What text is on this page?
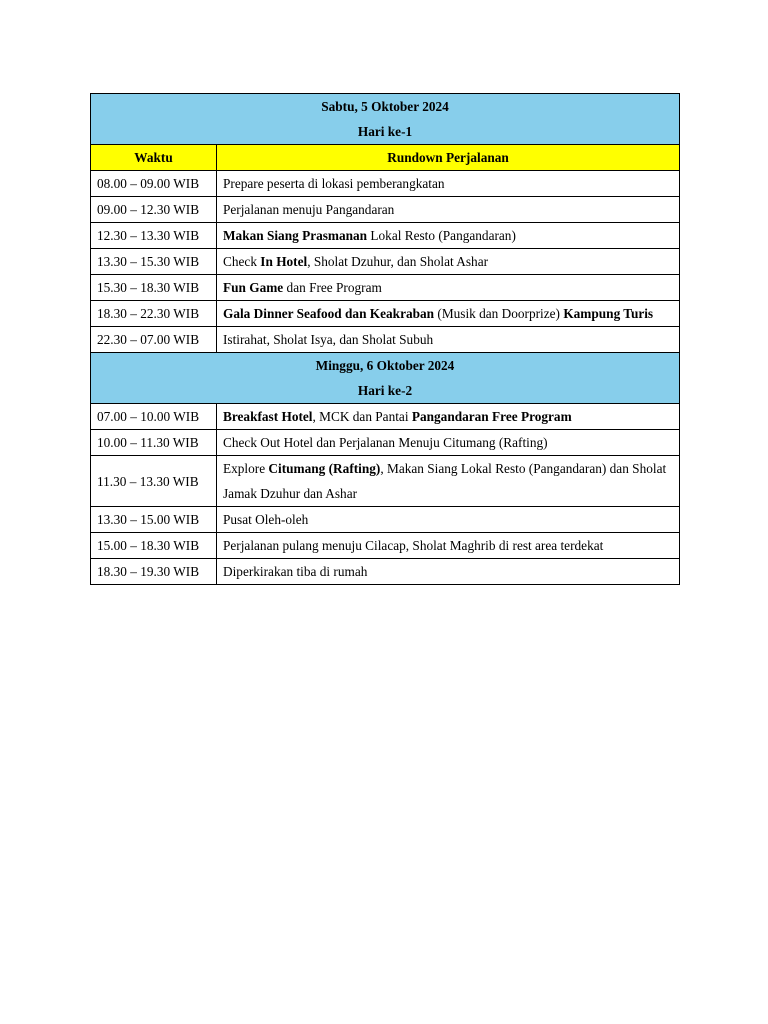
Sabtu, 5 Oktober 2024
Hari ke-1	

Waktu	Rundown Perjalanan
08.00 – 09.00 WIB	Prepare peserta di lokasi pemberangkatan
09.00 – 12.30 WIB	Perjalanan menuju Pangandaran
12.30 – 13.30 WIB	Makan Siang Prasmanan Lokal Resto (Pangandaran)
13.30 – 15.30 WIB	Check In Hotel, Sholat Dzuhur, dan Sholat Ashar
15.30 – 18.30 WIB	Fun Game dan Free Program
18.30 – 22.30 WIB	Gala Dinner Seafood dan Keakraban (Musik dan Doorprize) Kampung Turis
22.30 – 07.00 WIB	Istirahat, Sholat Isya, dan Sholat Subuh

Minggu, 6 Oktober 2024
Hari ke-2	

07.00 – 10.00 WIB	Breakfast Hotel, MCK dan Pantai Pangandaran Free Program
10.00 – 11.30 WIB	Check Out Hotel dan Perjalanan Menuju Citumang (Rafting)
11.30 – 13.30 WIB	Explore Citumang (Rafting), Makan Siang Lokal Resto (Pangandaran) dan Sholat Jamak Dzuhur dan Ashar
13.30 – 15.00 WIB	Pusat Oleh-oleh
15.00 – 18.30 WIB	Perjalanan pulang menuju Cilacap, Sholat Maghrib di rest area terdekat
18.30 – 19.30 WIB	Diperkirakan tiba di rumah
